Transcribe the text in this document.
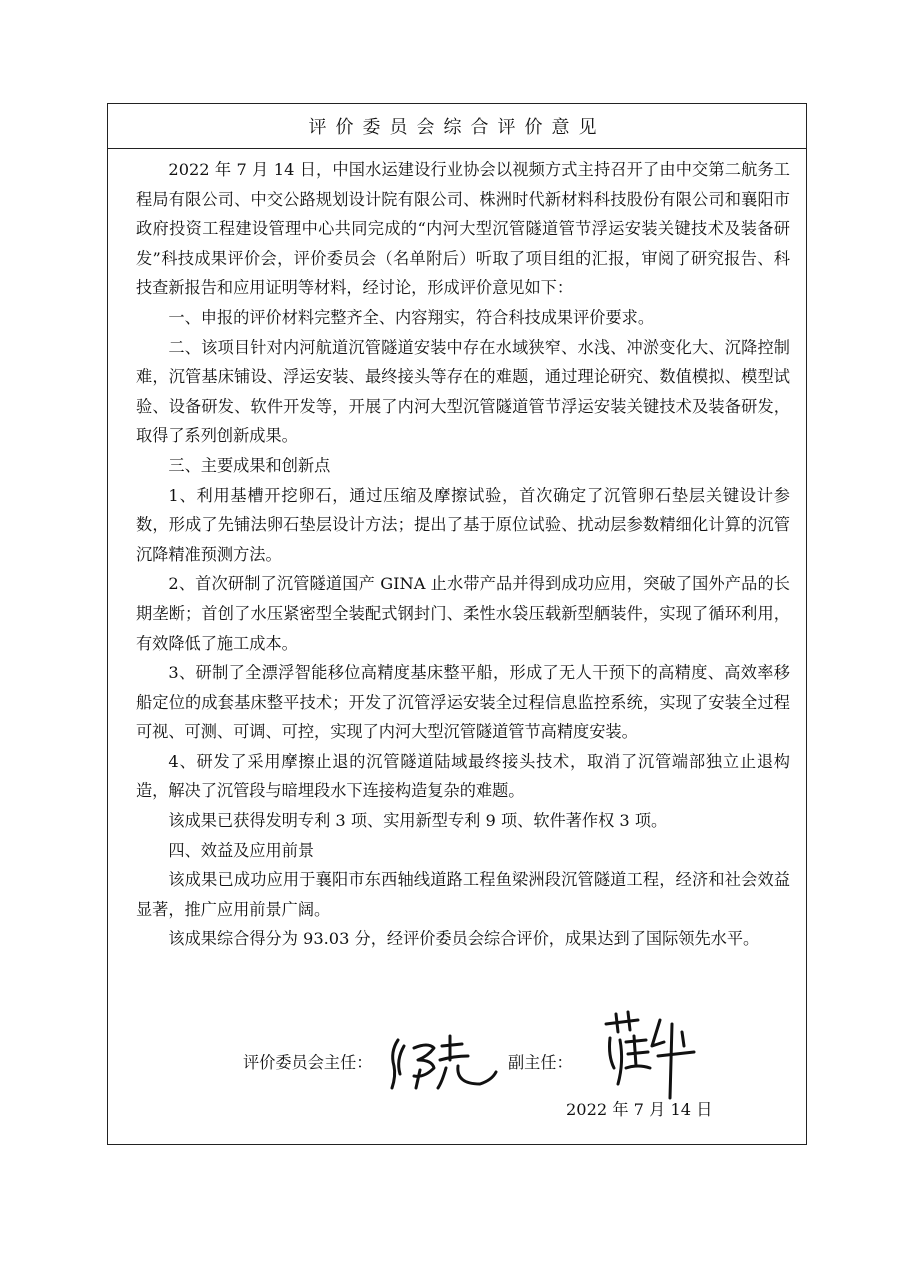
评价委员会综合评价意见

2022 年 7 月 14 日，中国水运建设行业协会以视频方式主持召开了由中交第二航务工程局有限公司、中交公路规划设计院有限公司、株洲时代新材料科技股份有限公司和襄阳市政府投资工程建设管理中心共同完成的“内河大型沉管隧道管节浮运安装关键技术及装备研发”科技成果评价会，评价委员会（名单附后）听取了项目组的汇报，审阅了研究报告、科技查新报告和应用证明等材料，经讨论，形成评价意见如下：

一、申报的评价材料完整齐全、内容翔实，符合科技成果评价要求。

二、该项目针对内河航道沉管隧道安装中存在水域狭窄、水浅、冲淤变化大、沉降控制难，沉管基床铺设、浮运安装、最终接头等存在的难题，通过理论研究、数值模拟、模型试验、设备研发、软件开发等，开展了内河大型沉管隧道管节浮运安装关键技术及装备研发，取得了系列创新成果。

三、主要成果和创新点

1、利用基槽开挖卵石，通过压缩及摩擦试验，首次确定了沉管卵石垫层关键设计参数，形成了先铺法卵石垫层设计方法；提出了基于原位试验、扰动层参数精细化计算的沉管沉降精准预测方法。

2、首次研制了沉管隧道国产 GINA 止水带产品并得到成功应用，突破了国外产品的长期垄断；首创了水压紧密型全装配式钢封门、柔性水袋压载新型舾装件，实现了循环利用，有效降低了施工成本。

3、研制了全漂浮智能移位高精度基床整平船，形成了无人干预下的高精度、高效率移船定位的成套基床整平技术；开发了沉管浮运安装全过程信息监控系统，实现了安装全过程可视、可测、可调、可控，实现了内河大型沉管隧道管节高精度安装。

4、研发了采用摩擦止退的沉管隧道陆域最终接头技术，取消了沉管端部独立止退构造，解决了沉管段与暗埋段水下连接构造复杂的难题。

该成果已获得发明专利 3 项、实用新型专利 9 项、软件著作权 3 项。

四、效益及应用前景

该成果已成功应用于襄阳市东西轴线道路工程鱼梁洲段沉管隧道工程，经济和社会效益显著，推广应用前景广阔。

该成果综合得分为 93.03 分，经评价委员会综合评价，成果达到了国际领先水平。

评价委员会主任：	副主任：
2022 年 7 月 14 日
